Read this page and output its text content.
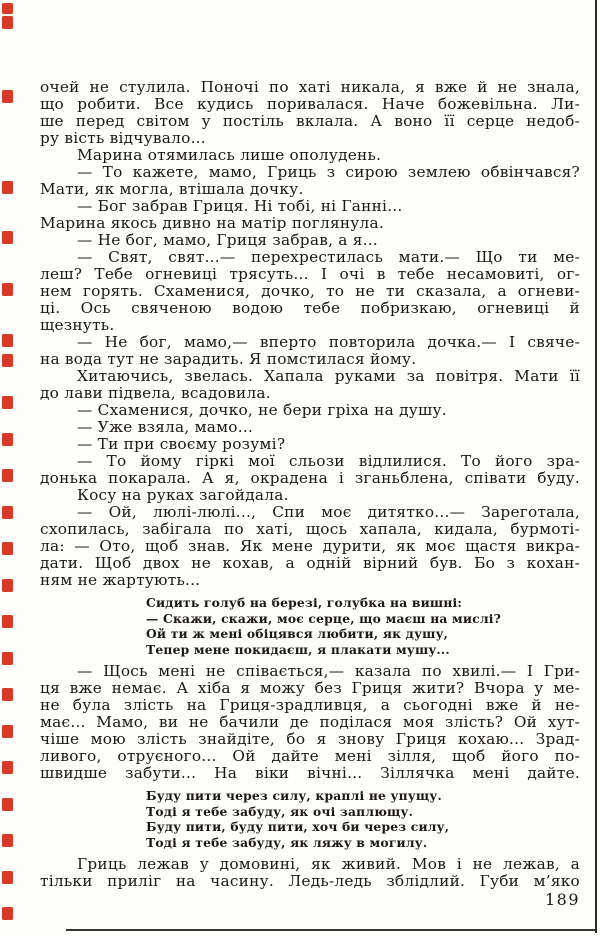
очей не стулила. Поночі по хаті никала, я вже й не знала,
що робити. Все кудись поривалася. Наче божевільна. Ли-
ше перед світом у постіль вклала. А воно її серце недоб-
ру вість відчувало...
Марина отямилась лише ополудень.
— То кажете, мамо, Гриць з сирою землею обвінчався?
Мати, як могла, втішала дочку.
— Бог забрав Гриця. Ні тобі, ні Ганні...
Марина якось дивно на матір поглянула.
— Не бог, мамо, Гриця забрав, а я...
— Свят, свят...— перехрестилась мати.— Що ти ме-
леш? Тебе огневиці трясуть... І очі в тебе несамовиті, ог-
нем горять. Схаменися, дочко, то не ти сказала, а огневи-
ці. Ось свяченою водою тебе побризкаю, огневиці й
щезнуть.
— Не бог, мамо,— вперто повторила дочка.— І свяче-
на вода тут не зарадить. Я помстилася йому.
Хитаючись, звелась. Хапала руками за повітря. Мати її
до лави підвела, всадовила.
— Схаменися, дочко, не бери гріха на душу.
— Уже взяла, мамо...
— Ти при своєму розумі?
— То йому гіркі мої сльози відлилися. То його зра-
донька покарала. А я, окрадена і зганьблена, співати буду.
Косу на руках загойдала.
— Ой, люлі-люлі..., Спи моє дитятко...— Зареготала,
схопилась, забігала по хаті, щось хапала, кидала, бурмоті-
ла: — Ото, щоб знав. Як мене дурити, як моє щастя викра-
дати. Щоб двох не кохав, а одній вірний був. Бо з кохан-
ням не жартують...
Сидить голуб на березі, голубка на вишні:
— Скажи, скажи, моє серце, що маєш на мислі?
Ой ти ж мені обіцявся любити, як душу,
Тепер мене покидаєш, я плакати мушу...
— Щось мені не співається,— казала по хвилі.— І Гри-
ця вже немає. А хіба я можу без Гриця жити? Вчора у ме-
не була злість на Гриця-зрадливця, а сьогодні вже й не-
має... Мамо, ви не бачили де поділася моя злість? Ой хут-
чіше мою злість знайдіте, бо я знову Гриця кохаю... Зрад-
ливого, отруєного... Ой дайте мені зілля, щоб його по-
швидше забути... На віки вічні... Зіллячка мені дайте.
Буду пити через силу, краплі не упущу.
Тоді я тебе забуду, як очі заплющу.
Буду пити, буду пити, хоч би через силу,
Тоді я тебе забуду, як ляжу в могилу.
Гриць лежав у домовині, як живий. Мов і не лежав, а
тільки приліг на часину. Ледь-ледь зблідлий. Губи м’яко
189
